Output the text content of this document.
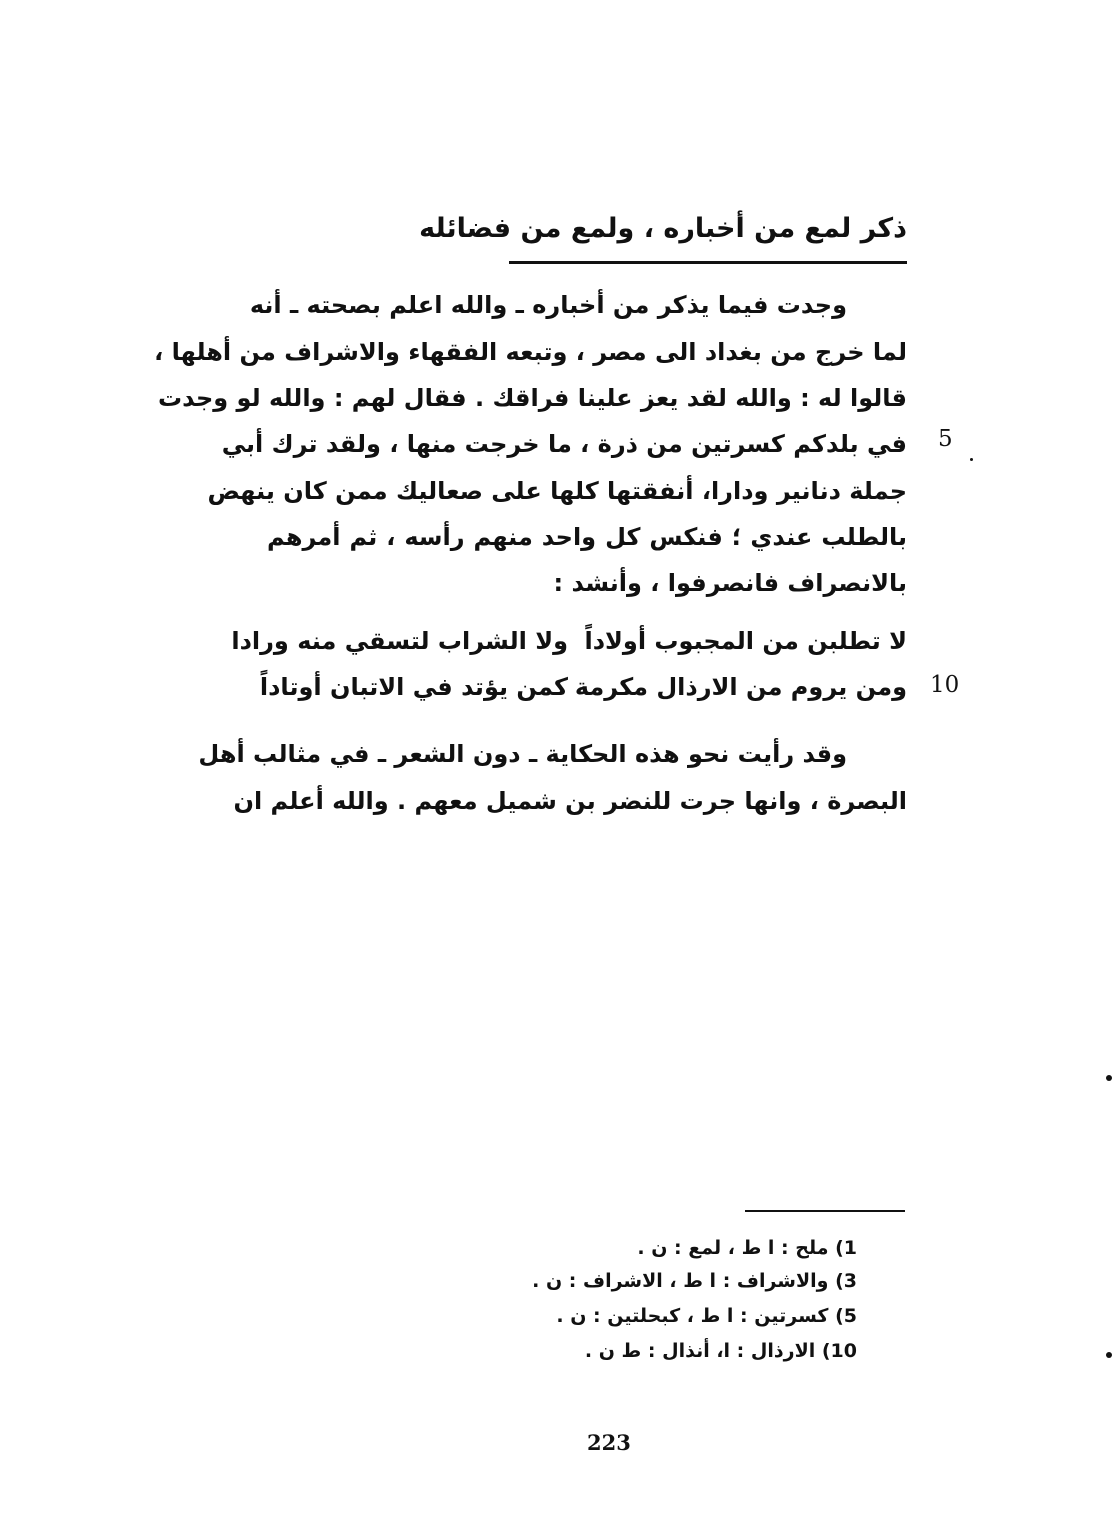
ذكر لمع من أخباره ، ولمع من فضائله
وجدت فيما يذكر من أخباره ـ والله اعلم بصحته ـ أنه
لما خرج من بغداد الى مصر ، وتبعه الفقهاء والاشراف من أهلها ،
قالوا له : والله لقد يعز علينا فراقك . فقال لهم : والله لو وجدت
في بلدكم كسرتين من ذرة ، ما خرجت منها ، ولقد ترك أبي 5
جملة دنانير ودارا، أنفقتها كلها على صعاليك ممن كان ينهض
بالطلب عندي ؛ فنكس كل واحد منهم رأسه ، ثم أمرهم
بالانصراف فانصرفوا ، وأنشد :
لا تطلبن من المجبوب أولاداً
ولا الشراب لتسقي منه ورادا
ومن يروم من الارذال مكرمة
كمن يؤتد في الاتبان أوتاداً	10
وقد رأيت نحو هذه الحكاية ـ دون الشعر ـ في مثالب أهل
البصرة ، وانها جرت للنضر بن شميل معهم . والله أعلم ان
1) ملح : ا ط ، لمع : ن .
3) والاشراف : ا ط ، الاشراف : ن .
5) كسرتين : ا ط ، كبحلتين : ن .
10) الارذال : ا، أنذال : ط ن .
223
